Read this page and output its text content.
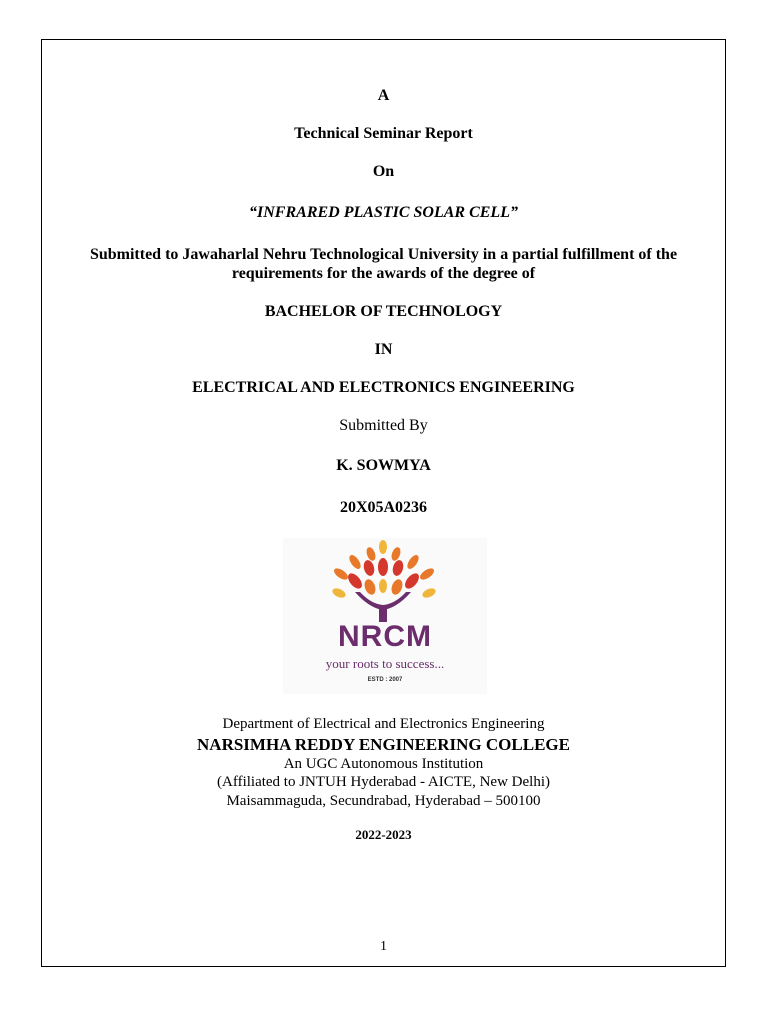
A

Technical Seminar Report

On

“INFRARED PLASTIC SOLAR CELL”

Submitted to Jawaharlal Nehru Technological University in a partial fulfillment of the

requirements for the awards of the degree of

BACHELOR OF TECHNOLOGY

IN

ELECTRICAL AND ELECTRONICS ENGINEERING

Submitted By

K. SOWMYA

20X05A0236

NRCM
your roots to success...
ESTD : 2007

Department of Electrical and Electronics Engineering

NARSIMHA REDDY ENGINEERING COLLEGE

An UGC Autonomous Institution

(Affiliated to JNTUH Hyderabad - AICTE, New Delhi)

Maisammaguda, Secundrabad, Hyderabad – 500100

2022-2023

1
